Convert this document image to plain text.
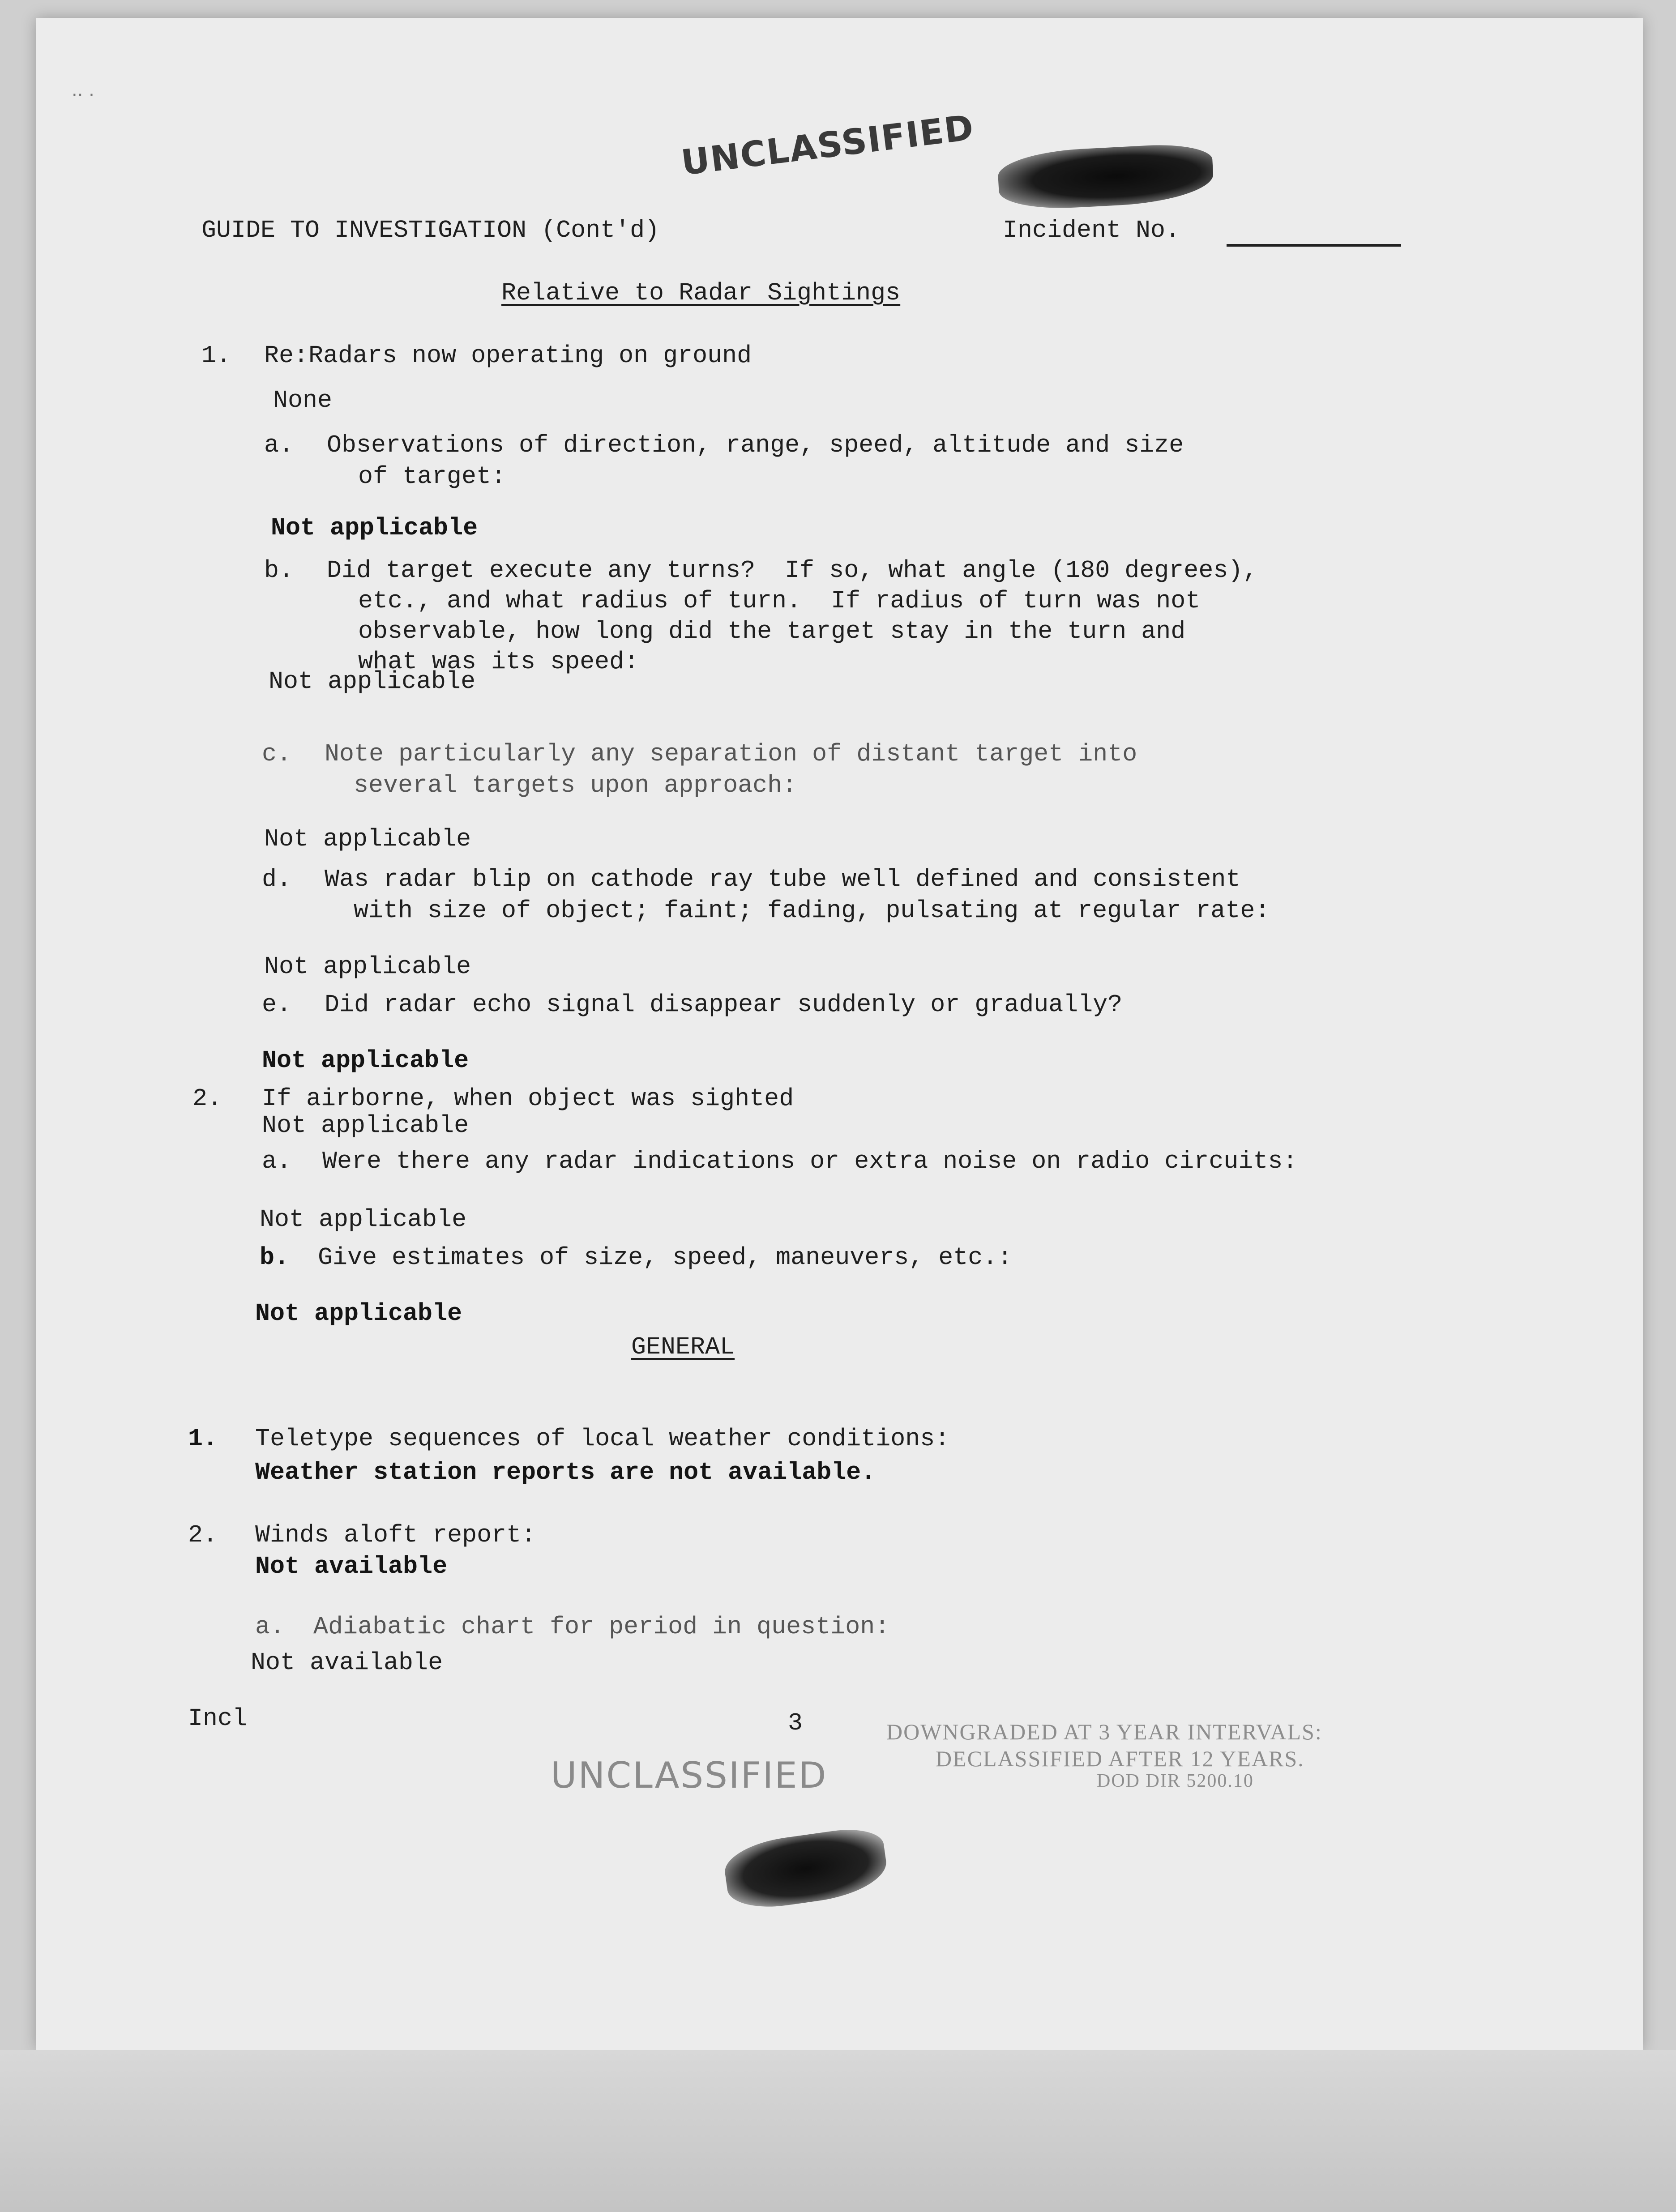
UNCLASSIFIED
·· ·
GUIDE TO INVESTIGATION (Cont'd)	Incident No.
Relative to Radar Sightings
1. Re:Radars now operating on ground
None
a. Observations of direction, range, speed, altitude and size
of target:
Not applicable
b. Did target execute any turns?  If so, what angle (180 degrees),
etc., and what radius of turn.  If radius of turn was not
observable, how long did the target stay in the turn and
what was its speed:
Not applicable
c. Note particularly any separation of distant target into
several targets upon approach:
Not applicable
d. Was radar blip on cathode ray tube well defined and consistent
with size of object; faint; fading, pulsating at regular rate:
Not applicable
e. Did radar echo signal disappear suddenly or gradually?
Not applicable
2. If airborne, when object was sighted
Not applicable
a. Were there any radar indications or extra noise on radio circuits:
Not applicable
b. Give estimates of size, speed, maneuvers, etc.:
Not applicable
GENERAL
1. Teletype sequences of local weather conditions:
Weather station reports are not available.
2. Winds aloft report:
Not available
a. Adiabatic chart for period in question:
Not available
Incl	3
UNCLASSIFIED
DOWNGRADED AT 3 YEAR INTERVALS:
DECLASSIFIED AFTER 12 YEARS.
DOD DIR 5200.10
